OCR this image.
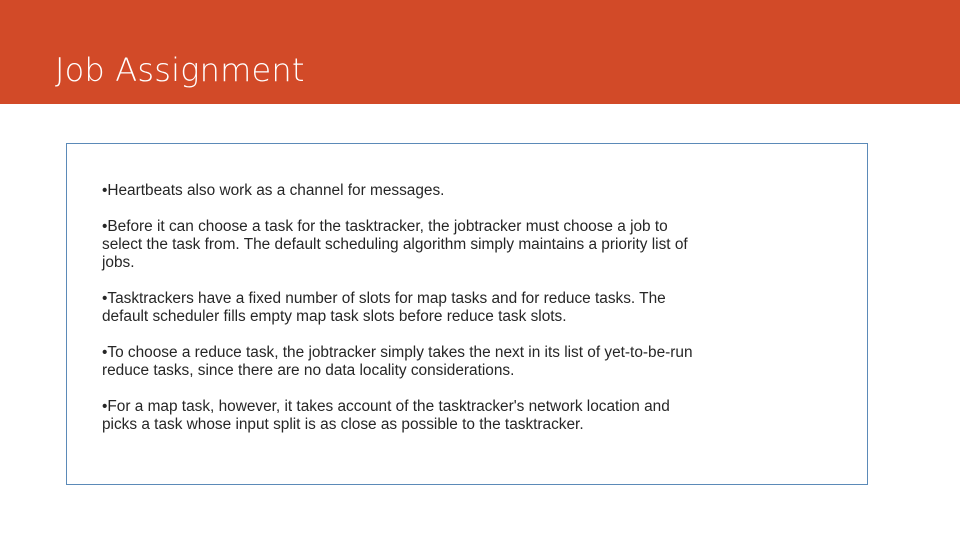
Job Assignment
•Heartbeats also work as a channel for messages.
•Before it can choose a task for the tasktracker, the jobtracker must choose a job to
select the task from. The default scheduling algorithm simply maintains a priority list of
jobs.
•Tasktrackers have a fixed number of slots for map tasks and for reduce tasks. The
default scheduler fills empty map task slots before reduce task slots.
•To choose a reduce task, the jobtracker simply takes the next in its list of yet-to-be-run
reduce tasks, since there are no data locality considerations.
•For a map task, however, it takes account of the tasktracker's network location and
picks a task whose input split is as close as possible to the tasktracker.
